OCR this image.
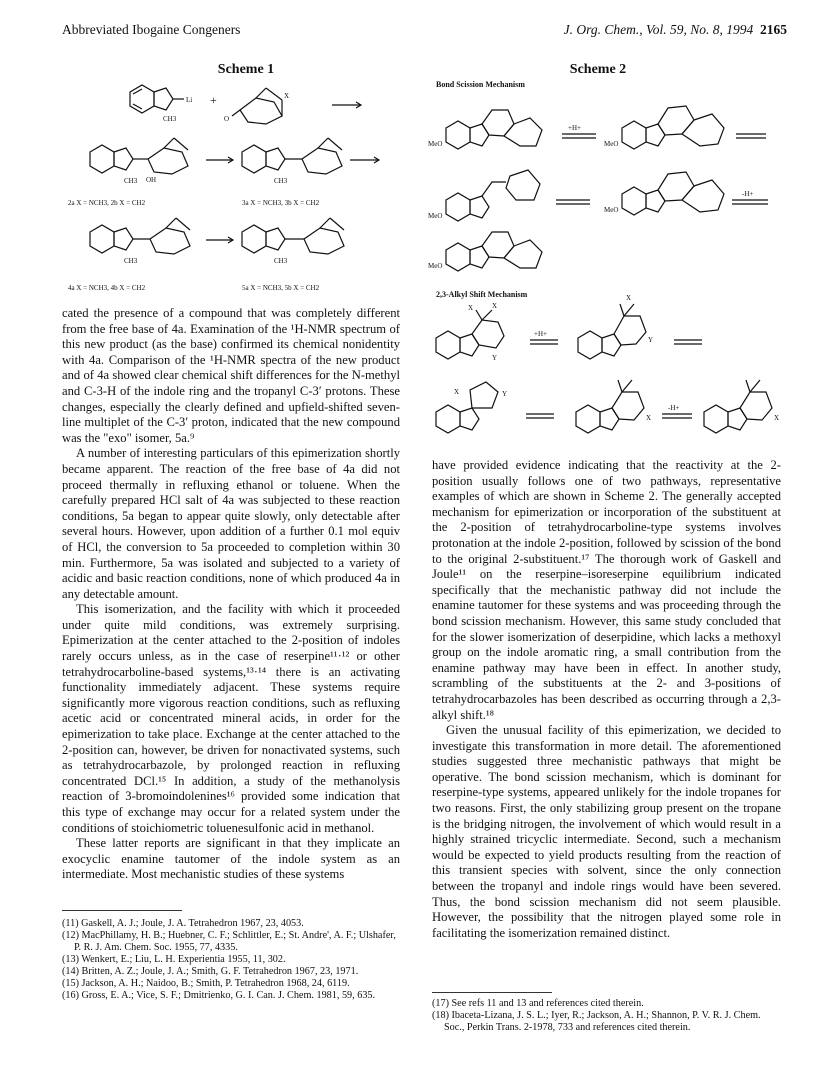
Abbreviated Ibogaine Congeners	J. Org. Chem., Vol. 59, No. 8, 1994 2165
Scheme 1	Scheme 2
CH3
Li +
O
X
CH3 OH	CH3
2a X = NCH3, 2b X = CH2	3a X = NCH3, 3b X = CH2
CH3	CH3
4a X = NCH3, 4b X = CH2	5a X = NCH3, 5b X = CH2
Bond Scission Mechanism
2,3-Alkyl Shift Mechanism
MeO
+H+
MeO
MeO
MeO
-H+
MeO
X	X
Y
+H+
Y
X
X	Y
X
-H+
X

cated the presence of a compound that was completely different from the free base of 4a. Examination of the ¹H-NMR spectrum of this new product (as the base) confirmed its chemical nonidentity with 4a. Comparison of the ¹H-NMR spectra of the new product and of 4a showed clear chemical shift differences for the N-methyl and C-3-H of the indole ring and the tropanyl C-3′ protons. These changes, especially the clearly defined and upfield-shifted seven-line multiplet of the C-3′ proton, indicated that the new compound was the "exo" isomer, 5a.⁹

A number of interesting particulars of this epimerization shortly became apparent. The reaction of the free base of 4a did not proceed thermally in refluxing ethanol or toluene. When the carefully prepared HCl salt of 4a was subjected to these reaction conditions, 5a began to appear quite slowly, only detectable after several hours. However, upon addition of a further 0.1 mol equiv of HCl, the conversion to 5a proceeded to completion within 30 min. Furthermore, 5a was isolated and subjected to a variety of acidic and basic reaction conditions, none of which produced 4a in any detectable amount.

This isomerization, and the facility with which it proceeded under quite mild conditions, was extremely surprising. Epimerization at the center attached to the 2-position of indoles rarely occurs unless, as in the case of reserpine¹¹·¹² or other tetrahydrocarboline-based systems,¹³·¹⁴ there is an activating functionality immediately adjacent. These systems require significantly more vigorous reaction conditions, such as refluxing acetic acid or concentrated mineral acids, in order for the epimerization to take place. Exchange at the center attached to the 2-position can, however, be driven for nonactivated systems, such as tetrahydrocarbazole, by prolonged reaction in refluxing concentrated DCl.¹⁵ In addition, a study of the methanolysis reaction of 3-bromoindolenines¹⁶ provided some indication that this type of exchange may occur for a related system under the conditions of stoichiometric toluenesulfonic acid in methanol.

These latter reports are significant in that they implicate an exocyclic enamine tautomer of the indole system as an intermediate. Most mechanistic studies of these systems

(11) Gaskell, A. J.; Joule, J. A. Tetrahedron 1967, 23, 4053.
(12) MacPhillamy, H. B.; Huebner, C. F.; Schlittler, E.; St. Andre', A. F.; Ulshafer, P. R. J. Am. Chem. Soc. 1955, 77, 4335.
(13) Wenkert, E.; Liu, L. H. Experientia 1955, 11, 302.
(14) Britten, A. Z.; Joule, J. A.; Smith, G. F. Tetrahedron 1967, 23, 1971.
(15) Jackson, A. H.; Naidoo, B.; Smith, P. Tetrahedron 1968, 24, 6119.
(16) Gross, E. A.; Vice, S. F.; Dmitrienko, G. I. Can. J. Chem. 1981, 59, 635.

have provided evidence indicating that the reactivity at the 2-position usually follows one of two pathways, representative examples of which are shown in Scheme 2. The generally accepted mechanism for epimerization or incorporation of the substituent at the 2-position of tetrahydrocarboline-type systems involves protonation at the indole 2-position, followed by scission of the bond to the original 2-substituent.¹⁷ The thorough work of Gaskell and Joule¹¹ on the reserpine–isoreserpine equilibrium indicated specifically that the mechanistic pathway did not include the enamine tautomer for these systems and was proceeding through the bond scission mechanism. However, this same study concluded that for the slower isomerization of deserpidine, which lacks a methoxyl group on the indole aromatic ring, a small contribution from the enamine pathway may have been in effect. In another study, scrambling of the substituents at the 2- and 3-positions of tetrahydrocarbazoles has been described as occurring through a 2,3-alkyl shift.¹⁸

Given the unusual facility of this epimerization, we decided to investigate this transformation in more detail. The aforementioned studies suggested three mechanistic pathways that might be operative. The bond scission mechanism, which is dominant for reserpine-type systems, appeared unlikely for the indole tropanes for two reasons. First, the only stabilizing group present on the tropane is the bridging nitrogen, the involvement of which would result in a highly strained tricyclic intermediate. Second, such a mechanism would be expected to yield products resulting from the reaction of this transient species with solvent, since the only connection between the tropanyl and indole rings would have been severed. Thus, the bond scission mechanism did not seem plausible. However, the possibility that the nitrogen played some role in facilitating the isomerization remained distinct.

(17) See refs 11 and 13 and references cited therein.
(18) Ibaceta-Lizana, J. S. L.; Iyer, R.; Jackson, A. H.; Shannon, P. V. R. J. Chem. Soc., Perkin Trans. 2-1978, 733 and references cited therein.
